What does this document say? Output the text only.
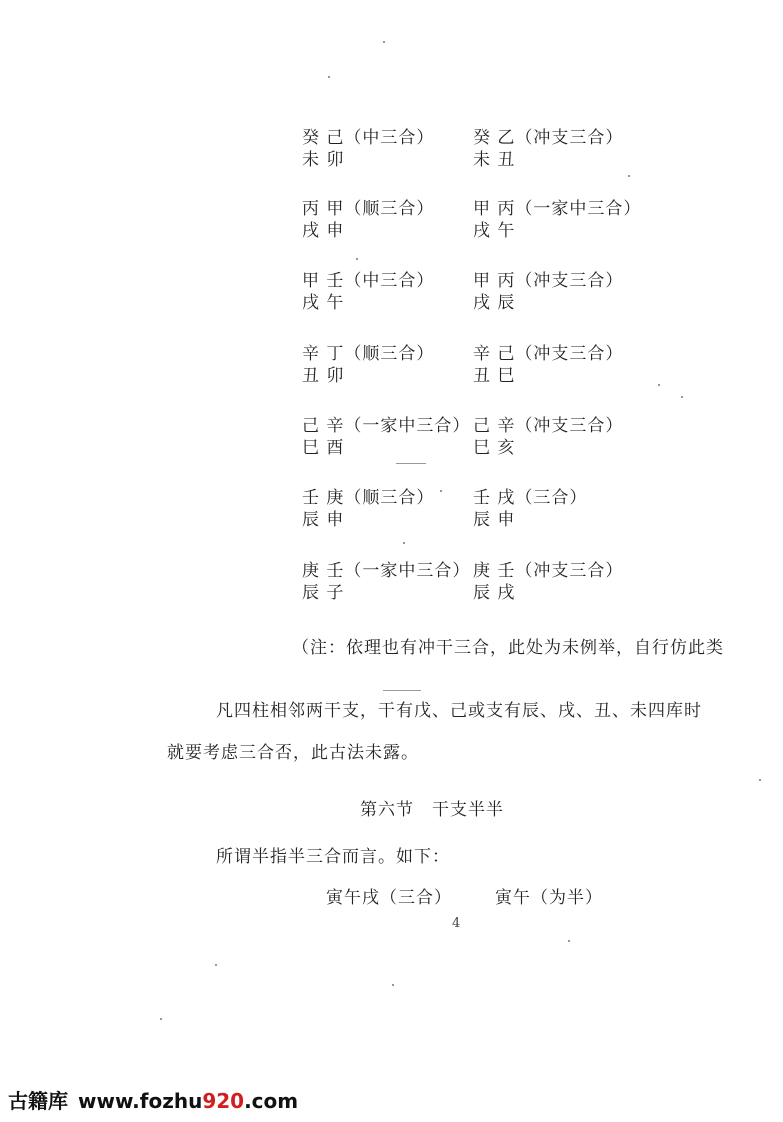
癸 己（中三合）
未 卯
癸 乙（冲支三合）
未 丑
丙 甲（顺三合）
戌 申
甲 丙（一家中三合）
戌 午
甲 壬（中三合）
戌 午
甲 丙（冲支三合）
戌 辰
辛 丁（顺三合）
丑 卯
辛 己（冲支三合）
丑 巳
己 辛（一家中三合）
巳 酉
己 辛（冲支三合）
巳 亥
壬 庚（顺三合）
辰 申
壬 戌（三合）
辰 申
庚 壬（一家中三合）
辰 子
庚 壬（冲支三合）
辰 戌
（注：依理也有冲干三合，此处为未例举，自行仿此类
凡四柱相邻两干支，干有戊、己或支有辰、戌、丑、未四库时
就要考虑三合否，此古法未露。
第六节 干支半半
所谓半指半三合而言。如下：
寅午戌（三合）	寅午（为半）
4
古籍库 www.fozhu920.com
